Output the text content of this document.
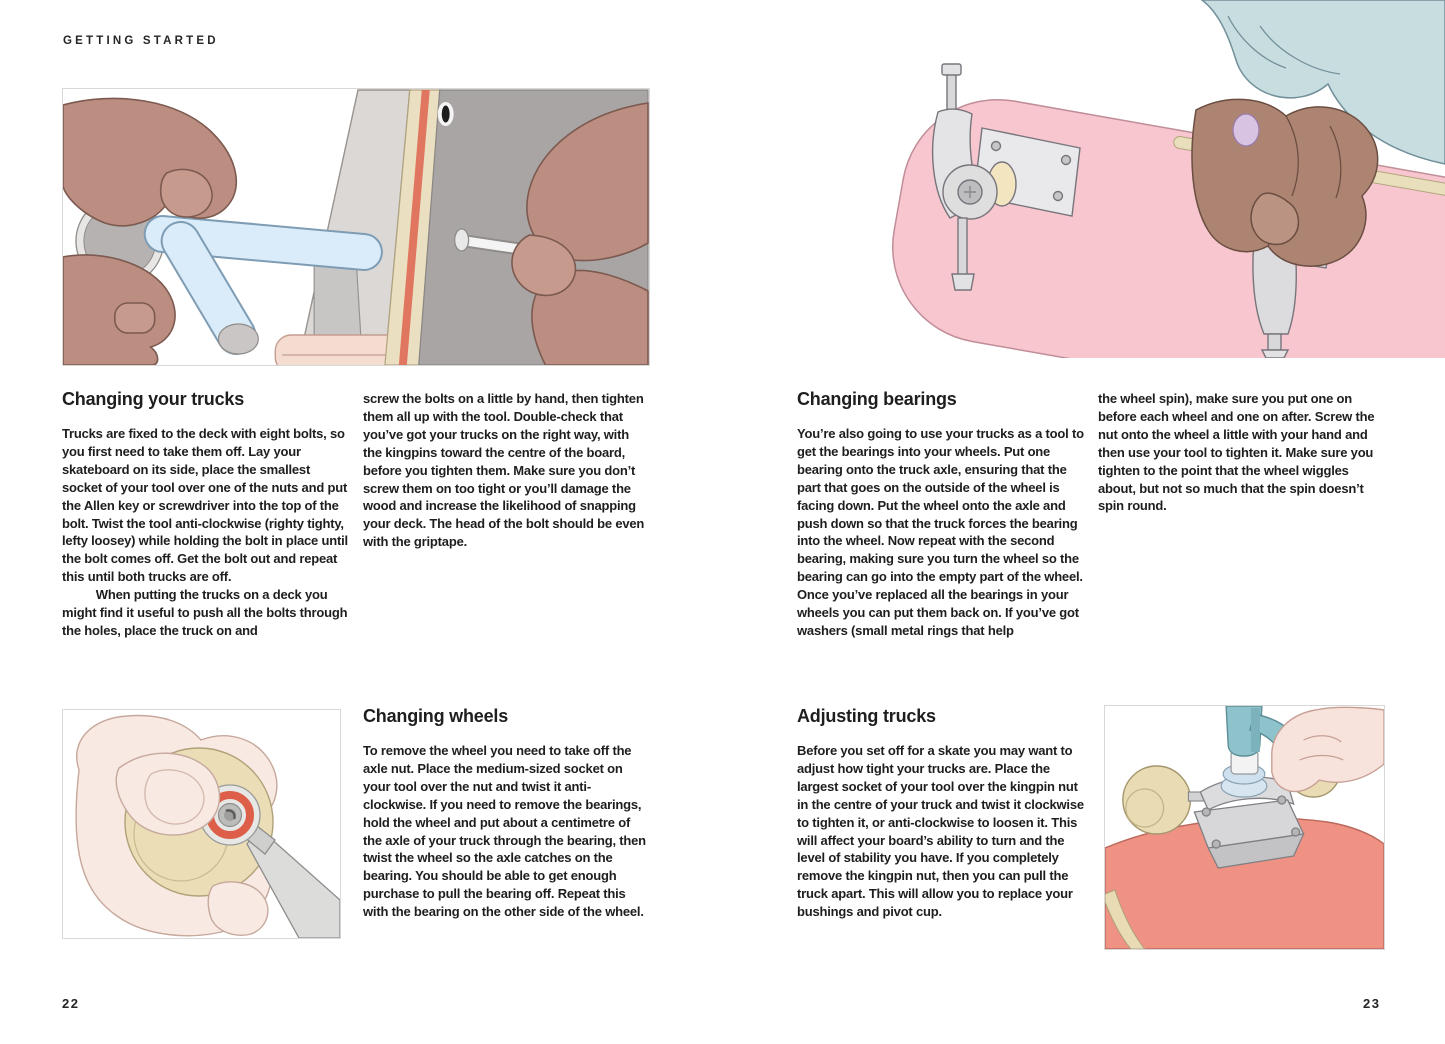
GETTING STARTED
Changing your trucks

Trucks are fixed to the deck with eight bolts, so you first need to take them off. Lay your skateboard on its side, place the smallest socket of your tool over one of the nuts and put the Allen key or screwdriver into the top of the bolt. Twist the tool anti-clockwise (righty tighty, lefty loosey) while holding the bolt in place until the bolt comes off. Get the bolt out and repeat this until both trucks are off.

When putting the trucks on a deck you might find it useful to push all the bolts through the holes, place the truck on and

screw the bolts on a little by hand, then tighten them all up with the tool. Double-check that you’ve got your trucks on the right way, with the kingpins toward the centre of the board, before you tighten them. Make sure you don’t screw them on too tight or you’ll damage the wood and increase the likelihood of snapping your deck. The head of the bolt should be even with the griptape.

Changing bearings

You’re also going to use your trucks as a tool to get the bearings into your wheels. Put one bearing onto the truck axle, ensuring that the part that goes on the outside of the wheel is facing down. Put the wheel onto the axle and push down so that the truck forces the bearing into the wheel. Now repeat with the second bearing, making sure you turn the wheel so the bearing can go into the empty part of the wheel. Once you’ve replaced all the bearings in your wheels you can put them back on. If you’ve got washers (small metal rings that help

the wheel spin), make sure you put one on before each wheel and one on after. Screw the nut onto the wheel a little with your hand and then use your tool to tighten it. Make sure you tighten to the point that the wheel wiggles about, but not so much that the spin doesn’t spin round.

Changing wheels

To remove the wheel you need to take off the axle nut. Place the medium-sized socket on your tool over the nut and twist it anti-clockwise. If you need to remove the bearings, hold the wheel and put about a centimetre of the axle of your truck through the bearing, then twist the wheel so the axle catches on the bearing. You should be able to get enough purchase to pull the bearing off. Repeat this with the bearing on the other side of the wheel.

Adjusting trucks

Before you set off for a skate you may want to adjust how tight your trucks are. Place the largest socket of your tool over the kingpin nut in the centre of your truck and twist it clockwise to tighten it, or anti-clockwise to loosen it. This will affect your board’s ability to turn and the level of stability you have. If you completely remove the kingpin nut, then you can pull the truck apart. This will allow you to replace your bushings and pivot cup.

22	23
